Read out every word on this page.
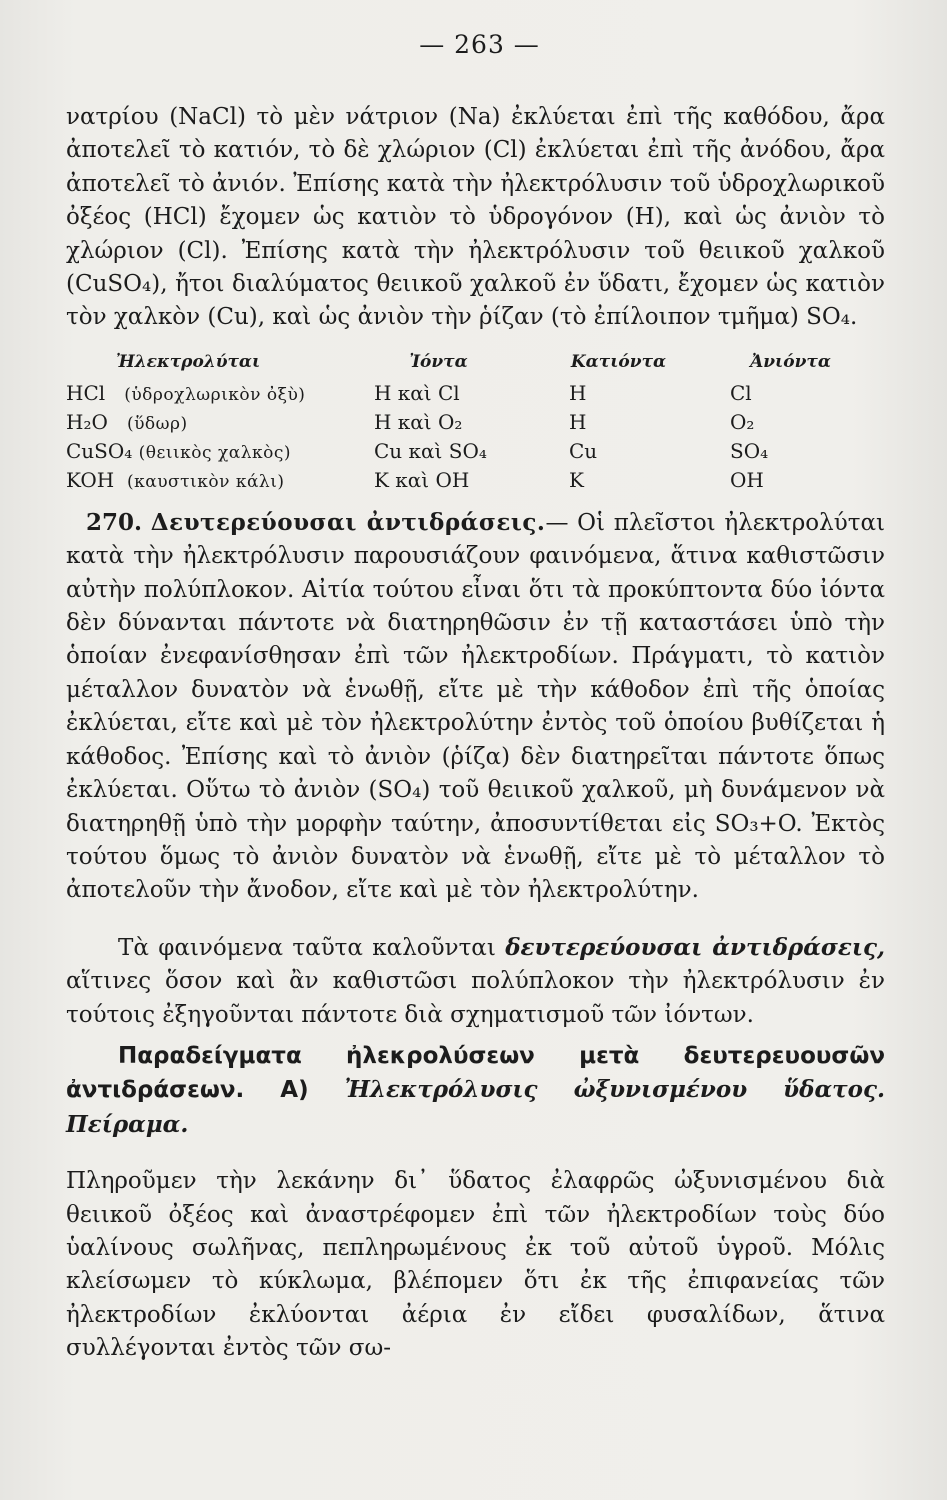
— 263 —

νατρίου (NaCl) τὸ μὲν νάτριον (Na) ἐκλύεται ἐπὶ τῆς καθόδου, ἄρα ἀποτελεῖ τὸ κατιόν, τὸ δὲ χλώριον (Cl) ἐκλύεται ἐπὶ τῆς ἀνόδου, ἄρα ἀποτελεῖ τὸ ἀνιόν. Ἐπίσης κατὰ τὴν ἠλεκτρόλυσιν τοῦ ὑδροχλωρικοῦ ὀξέος (HCl) ἔχομεν ὡς κατιὸν τὸ ὑδρογόνον (H), καὶ ὡς ἀνιὸν τὸ χλώριον (Cl). Ἐπίσης κατὰ τὴν ἠλεκτρόλυσιν τοῦ θειικοῦ χαλκοῦ (CuSO₄), ἤτοι διαλύματος θειικοῦ χαλκοῦ ἐν ὕδατι, ἔχομεν ὡς κατιὸν τὸν χαλκὸν (Cu), καὶ ὡς ἀνιὸν τὴν ῥίζαν (τὸ ἐπίλοιπον τμῆμα) SO₄.

Ἠλεκτρολύται	Ἰόντα	Κατιόντα	Ἀνιόντα
HCl (ὑδροχλωρικὸν ὀξὺ)	H καὶ Cl	H	Cl
H₂O (ὕδωρ)	H καὶ O₂	H	O₂
CuSO₄ (θειικὸς χαλκὸς)	Cu καὶ SO₄	Cu	SO₄
KOH (καυστικὸν κάλι)	K καὶ OH	K	OH

270. Δευτερεύουσαι ἀντιδράσεις.— Οἱ πλεῖστοι ἠλεκτρολύται κατὰ τὴν ἠλεκτρόλυσιν παρουσιάζουν φαινόμενα, ἅτινα καθιστῶσιν αὐτὴν πολύπλοκον. Αἰτία τούτου εἶναι ὅτι τὰ προκύπτοντα δύο ἰόντα δὲν δύνανται πάντοτε νὰ διατηρηθῶσιν ἐν τῇ καταστάσει ὑπὸ τὴν ὁποίαν ἐνεφανίσθησαν ἐπὶ τῶν ἠλεκτροδίων. Πράγματι, τὸ κατιὸν μέταλλον δυνατὸν νὰ ἑνωθῇ, εἴτε μὲ τὴν κάθοδον ἐπὶ τῆς ὁποίας ἐκλύεται, εἴτε καὶ μὲ τὸν ἠλεκτρολύτην ἐντὸς τοῦ ὁποίου βυθίζεται ἡ κάθοδος. Ἐπίσης καὶ τὸ ἀνιὸν (ῥίζα) δὲν διατηρεῖται πάντοτε ὅπως ἐκλύεται. Οὕτω τὸ ἀνιὸν (SO₄) τοῦ θειικοῦ χαλκοῦ, μὴ δυνάμενον νὰ διατηρηθῇ ὑπὸ τὴν μορφὴν ταύτην, ἀποσυντίθεται εἰς SO₃+O. Ἐκτὸς τούτου ὅμως τὸ ἀνιὸν δυνατὸν νὰ ἑνωθῇ, εἴτε μὲ τὸ μέταλλον τὸ ἀποτελοῦν τὴν ἄνοδον, εἴτε καὶ μὲ τὸν ἠλεκτρολύτην.

Τὰ φαινόμενα ταῦτα καλοῦνται δευτερεύουσαι ἀντιδράσεις, αἵτινες ὅσον καὶ ἂν καθιστῶσι πολύπλοκον τὴν ἠλεκτρόλυσιν ἐν τούτοις ἐξηγοῦνται πάντοτε διὰ σχηματισμοῦ τῶν ἰόντων.

Παραδείγματα ἠλεκρολύσεων μετὰ δευτερευουσῶν ἀντιδράσεων. A) Ἠλεκτρόλυσις ὠξυνισμένου ὕδατος. Πείραμα.

Πληροῦμεν τὴν λεκάνην δι᾽ ὕδατος ἐλαφρῶς ὠξυνισμένου διὰ θειικοῦ ὀξέος καὶ ἀναστρέφομεν ἐπὶ τῶν ἠλεκτροδίων τοὺς δύο ὑαλίνους σωλῆνας, πεπληρωμένους ἐκ τοῦ αὐτοῦ ὑγροῦ. Μόλις κλείσωμεν τὸ κύκλωμα, βλέπομεν ὅτι ἐκ τῆς ἐπιφανείας τῶν ἠλεκτροδίων ἐκλύονται ἀέρια ἐν εἴδει φυσαλίδων, ἅτινα συλλέγονται ἐντὸς τῶν σω-
